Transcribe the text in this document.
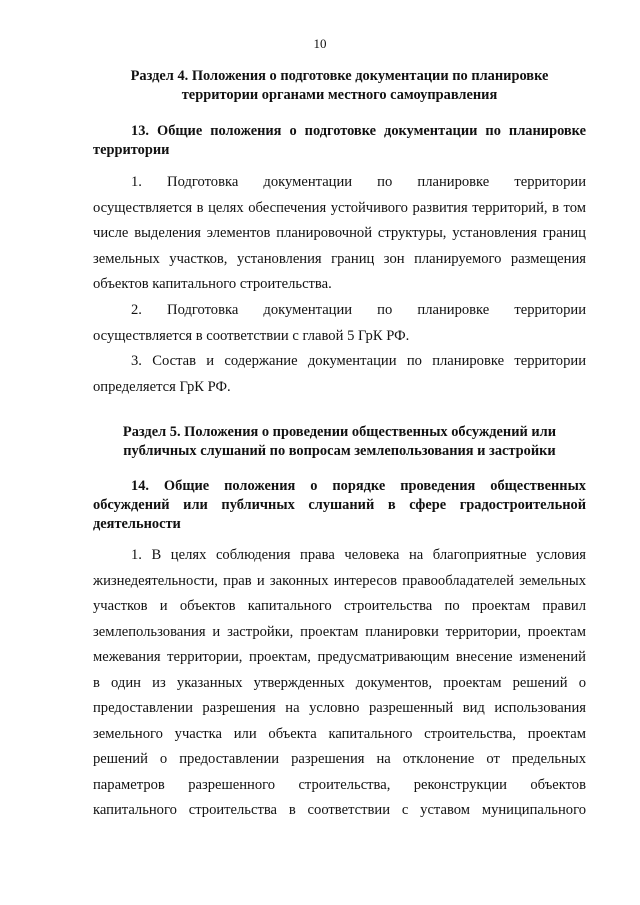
10
Раздел 4. Положения о подготовке документации по планировке
территории органами местного самоуправления
13. Общие положения о подготовке документации по планировке
территории
1. Подготовка документации по планировке территории
осуществляется в целях обеспечения устойчивого развития территорий, в том
числе выделения элементов планировочной структуры, установления границ
земельных участков, установления границ зон планируемого размещения
объектов капитального строительства.
2. Подготовка документации по планировке территории
осуществляется в соответствии с главой 5 ГрК РФ.
3. Состав и содержание документации по планировке территории
определяется ГрК РФ.
Раздел 5. Положения о проведении общественных обсуждений или
публичных слушаний по вопросам землепользования и застройки
14. Общие положения о порядке проведения общественных
обсуждений или публичных слушаний в сфере градостроительной
деятельности
1. В целях соблюдения права человека на благоприятные условия
жизнедеятельности, прав и законных интересов правообладателей земельных
участков и объектов капитального строительства по проектам правил
землепользования и застройки, проектам планировки территории, проектам
межевания территории, проектам, предусматривающим внесение изменений
в один из указанных утвержденных документов, проектам решений о
предоставлении разрешения на условно разрешенный вид использования
земельного участка или объекта капитального строительства, проектам
решений о предоставлении разрешения на отклонение от предельных
параметров разрешенного строительства, реконструкции объектов
капитального строительства в соответствии с уставом муниципального
